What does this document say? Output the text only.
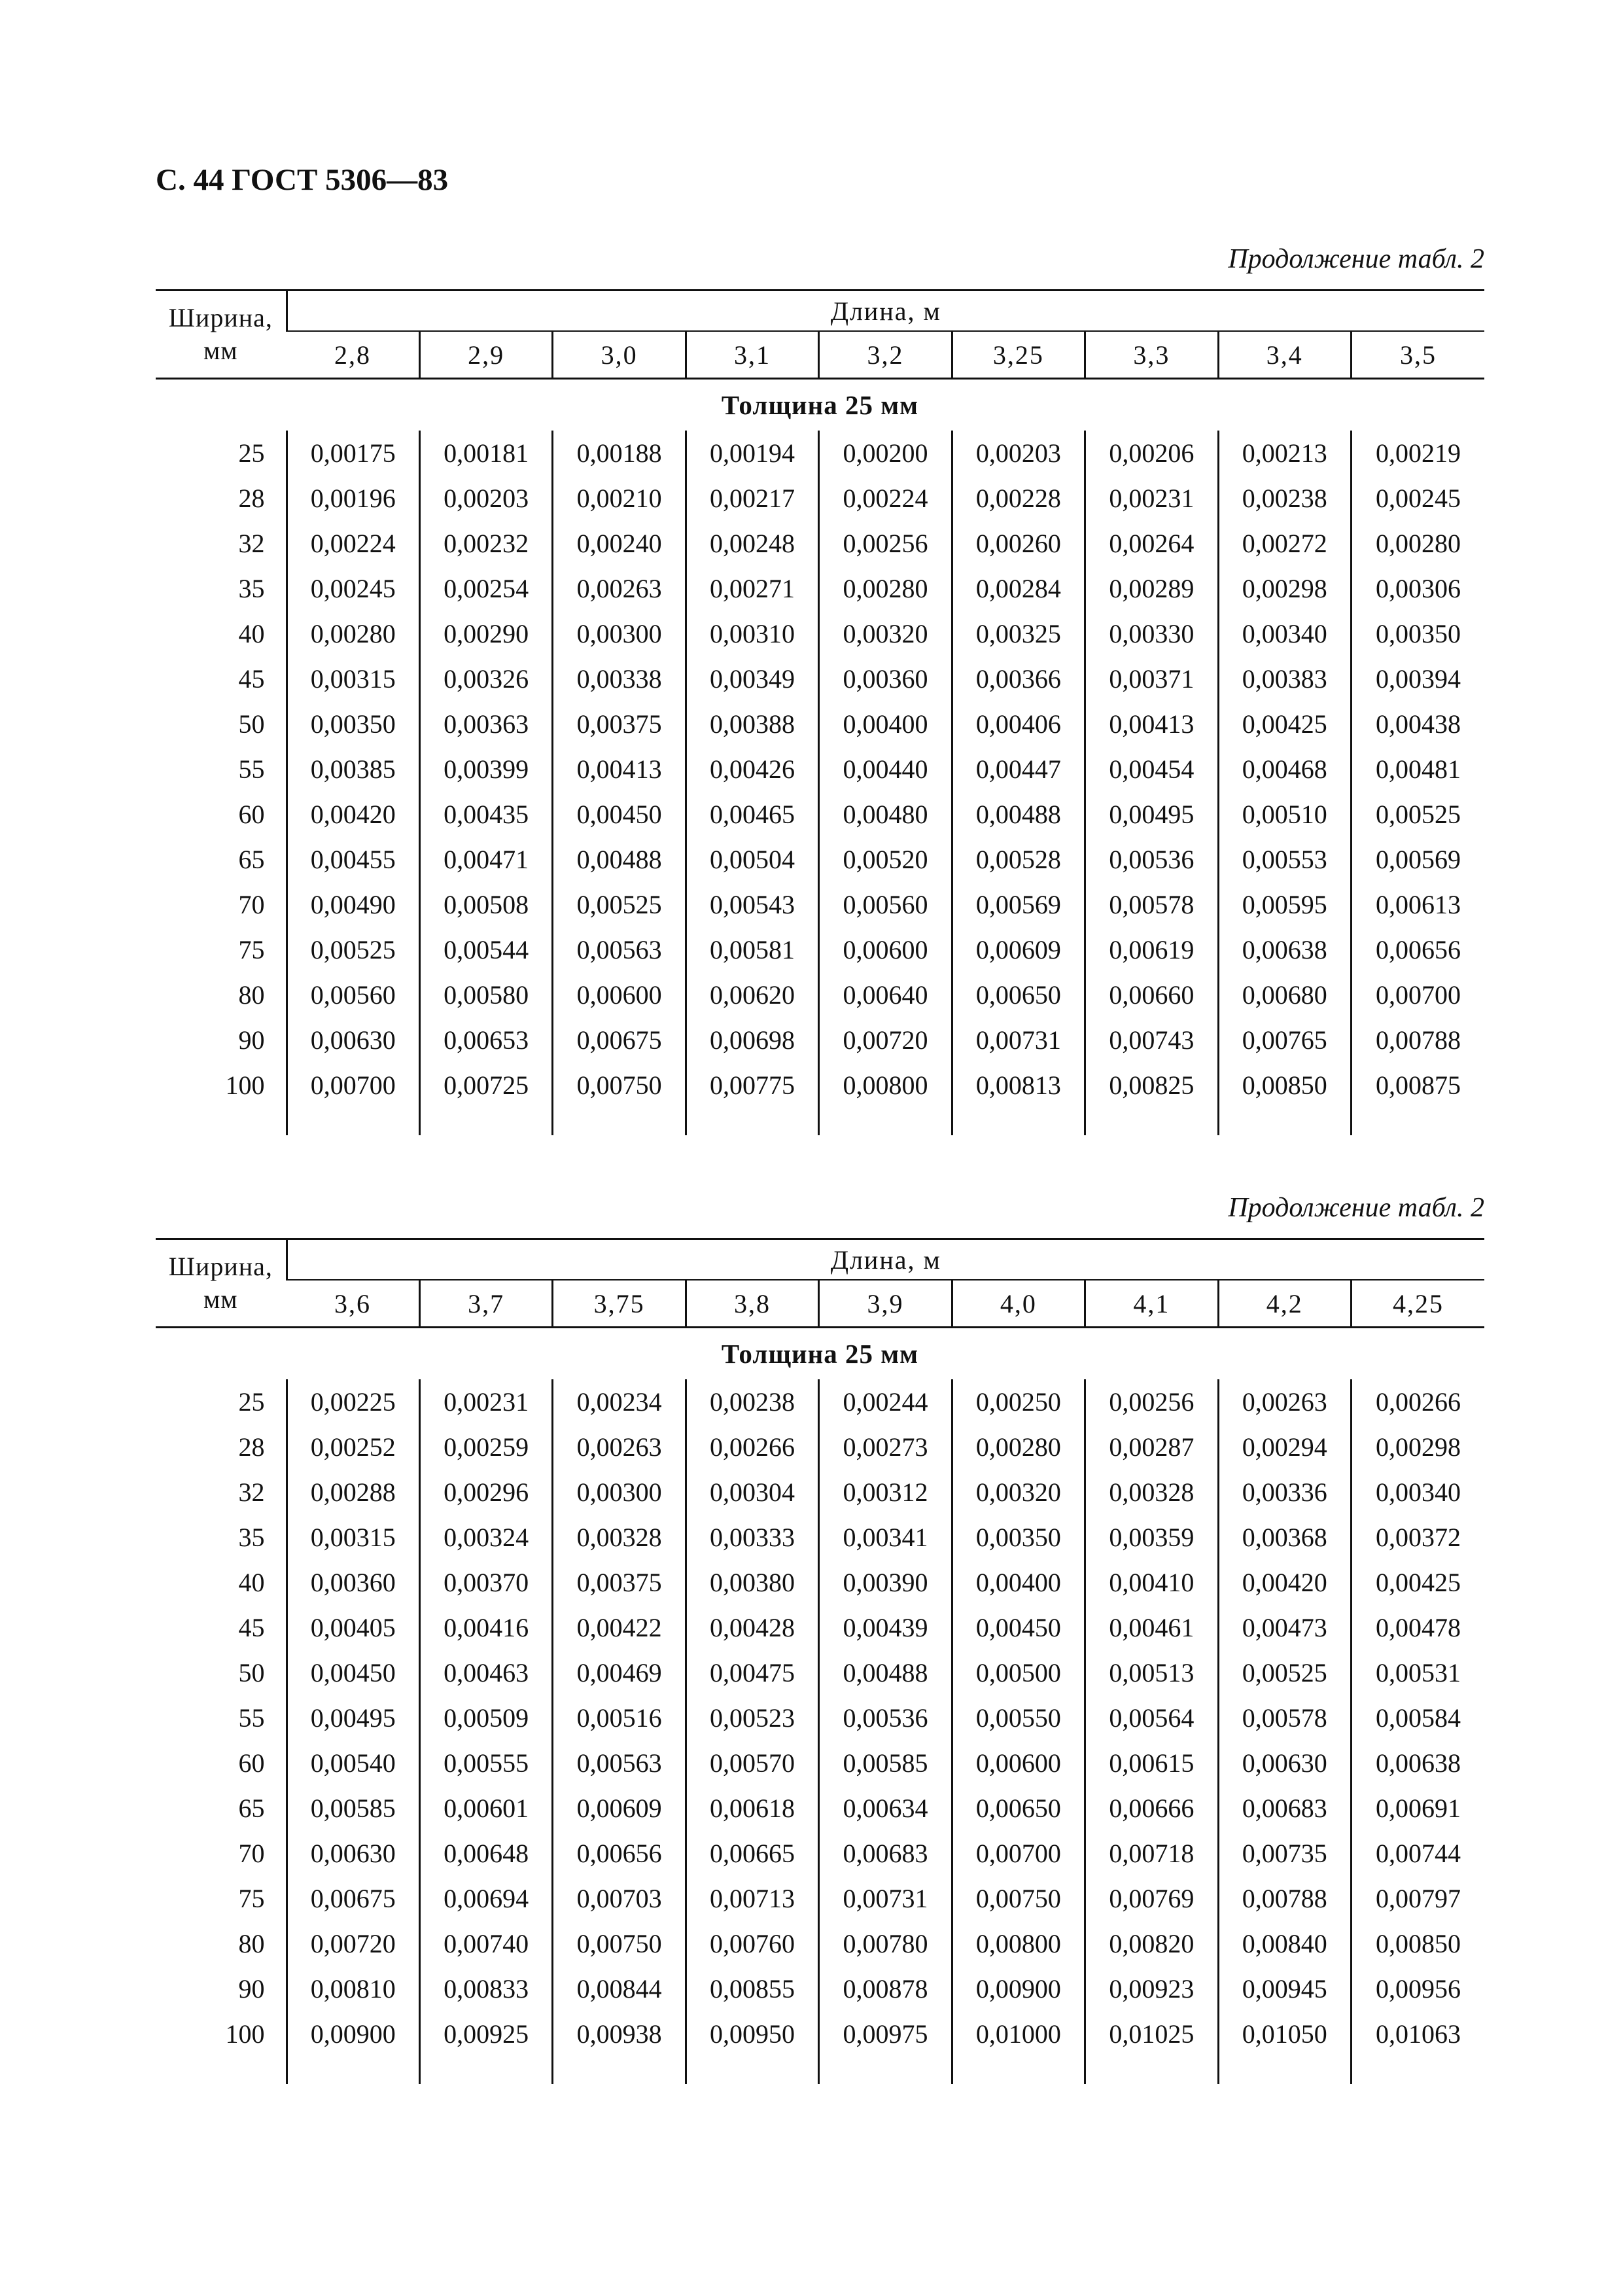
С. 44 ГОСТ 5306—83
Продолжение табл. 2
Ширина, мм	Длина, м								
	2,8	2,9	3,0	3,1	3,2	3,25	3,3	3,4	3,5
Толщина 25 мм									
25	0,00175	0,00181	0,00188	0,00194	0,00200	0,00203	0,00206	0,00213	0,00219
28	0,00196	0,00203	0,00210	0,00217	0,00224	0,00228	0,00231	0,00238	0,00245
32	0,00224	0,00232	0,00240	0,00248	0,00256	0,00260	0,00264	0,00272	0,00280
35	0,00245	0,00254	0,00263	0,00271	0,00280	0,00284	0,00289	0,00298	0,00306
40	0,00280	0,00290	0,00300	0,00310	0,00320	0,00325	0,00330	0,00340	0,00350
45	0,00315	0,00326	0,00338	0,00349	0,00360	0,00366	0,00371	0,00383	0,00394
50	0,00350	0,00363	0,00375	0,00388	0,00400	0,00406	0,00413	0,00425	0,00438
55	0,00385	0,00399	0,00413	0,00426	0,00440	0,00447	0,00454	0,00468	0,00481
60	0,00420	0,00435	0,00450	0,00465	0,00480	0,00488	0,00495	0,00510	0,00525
65	0,00455	0,00471	0,00488	0,00504	0,00520	0,00528	0,00536	0,00553	0,00569
70	0,00490	0,00508	0,00525	0,00543	0,00560	0,00569	0,00578	0,00595	0,00613
75	0,00525	0,00544	0,00563	0,00581	0,00600	0,00609	0,00619	0,00638	0,00656
80	0,00560	0,00580	0,00600	0,00620	0,00640	0,00650	0,00660	0,00680	0,00700
90	0,00630	0,00653	0,00675	0,00698	0,00720	0,00731	0,00743	0,00765	0,00788
100	0,00700	0,00725	0,00750	0,00775	0,00800	0,00813	0,00825	0,00850	0,00875

Продолжение табл. 2
Ширина, мм	Длина, м								
	3,6	3,7	3,75	3,8	3,9	4,0	4,1	4,2	4,25
Толщина 25 мм									
25	0,00225	0,00231	0,00234	0,00238	0,00244	0,00250	0,00256	0,00263	0,00266
28	0,00252	0,00259	0,00263	0,00266	0,00273	0,00280	0,00287	0,00294	0,00298
32	0,00288	0,00296	0,00300	0,00304	0,00312	0,00320	0,00328	0,00336	0,00340
35	0,00315	0,00324	0,00328	0,00333	0,00341	0,00350	0,00359	0,00368	0,00372
40	0,00360	0,00370	0,00375	0,00380	0,00390	0,00400	0,00410	0,00420	0,00425
45	0,00405	0,00416	0,00422	0,00428	0,00439	0,00450	0,00461	0,00473	0,00478
50	0,00450	0,00463	0,00469	0,00475	0,00488	0,00500	0,00513	0,00525	0,00531
55	0,00495	0,00509	0,00516	0,00523	0,00536	0,00550	0,00564	0,00578	0,00584
60	0,00540	0,00555	0,00563	0,00570	0,00585	0,00600	0,00615	0,00630	0,00638
65	0,00585	0,00601	0,00609	0,00618	0,00634	0,00650	0,00666	0,00683	0,00691
70	0,00630	0,00648	0,00656	0,00665	0,00683	0,00700	0,00718	0,00735	0,00744
75	0,00675	0,00694	0,00703	0,00713	0,00731	0,00750	0,00769	0,00788	0,00797
80	0,00720	0,00740	0,00750	0,00760	0,00780	0,00800	0,00820	0,00840	0,00850
90	0,00810	0,00833	0,00844	0,00855	0,00878	0,00900	0,00923	0,00945	0,00956
100	0,00900	0,00925	0,00938	0,00950	0,00975	0,01000	0,01025	0,01050	0,01063
